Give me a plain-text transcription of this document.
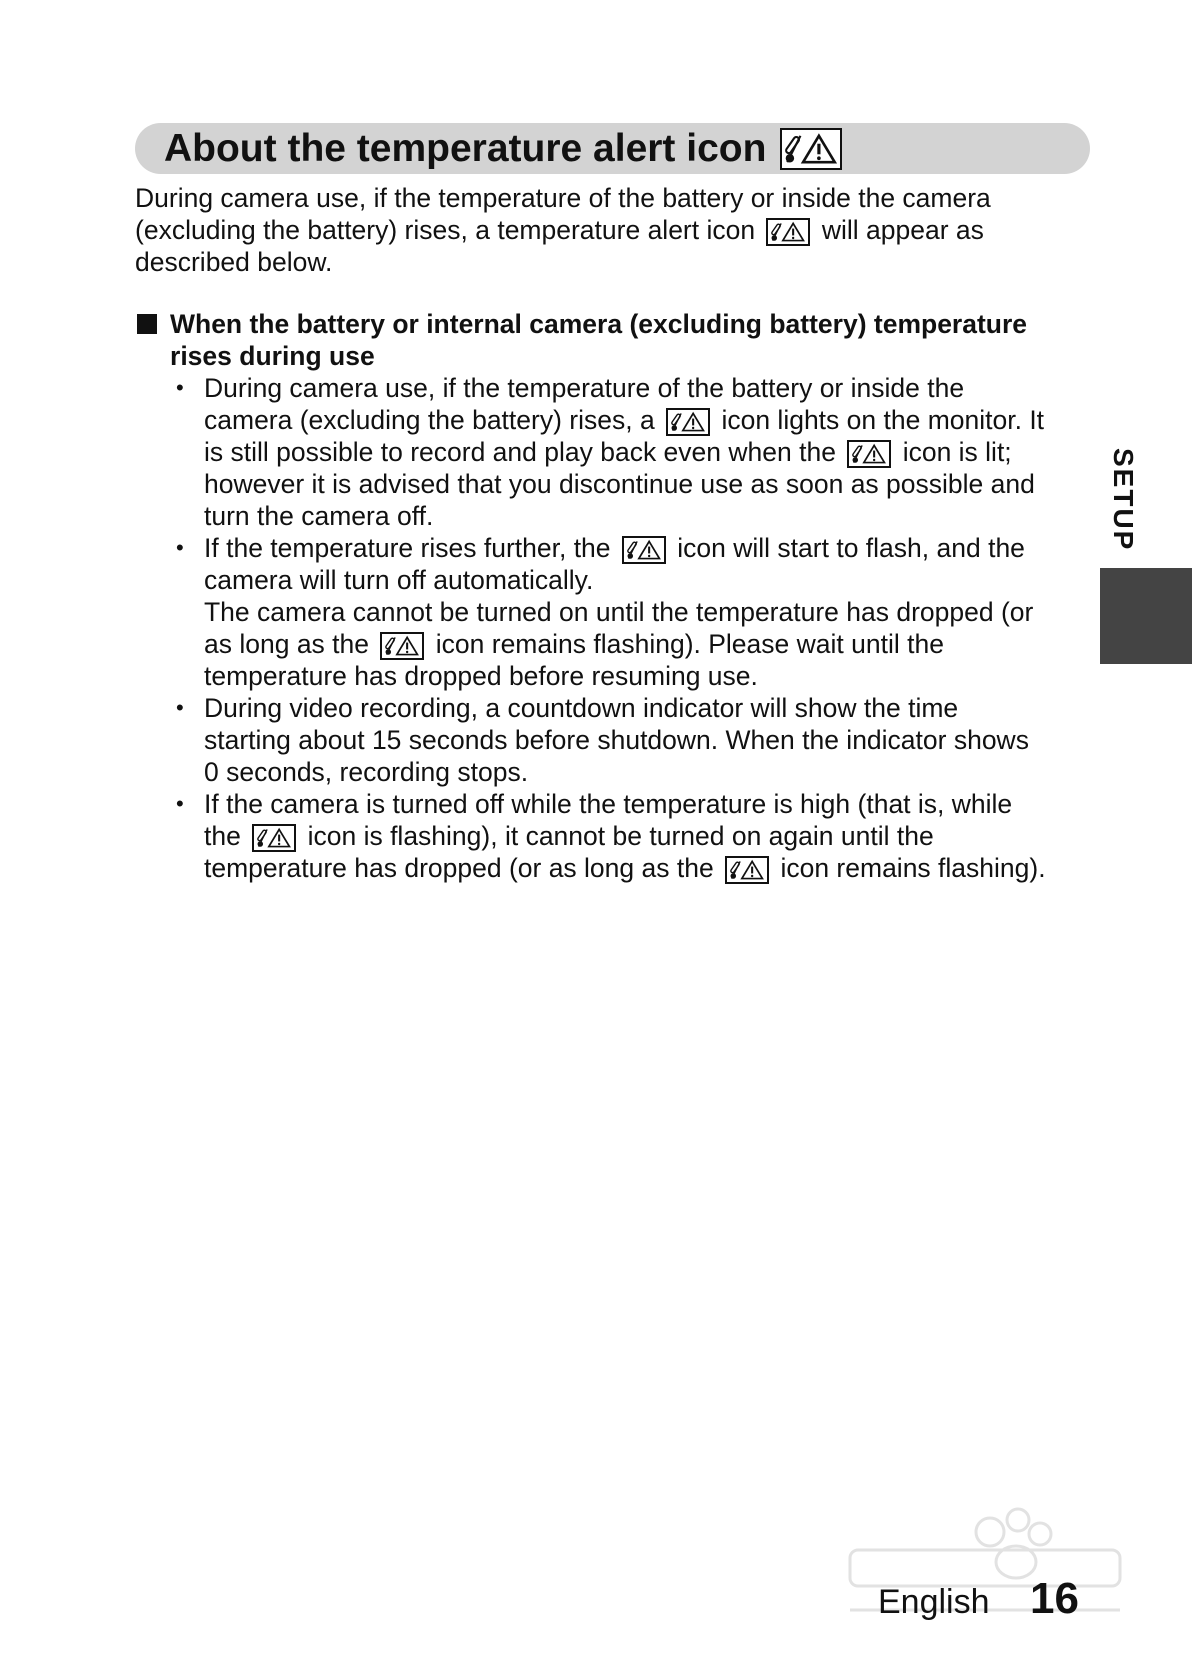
About the temperature alert icon

During camera use, if the temperature of the battery or inside the camera

(excluding the battery) rises, a temperature alert icon	will appear as

described below.

When the battery or internal camera (excluding battery) temperature
rises during use
• During camera use, if the temperature of the battery or inside the
camera (excluding the battery) rises, a	icon lights on the monitor. It
is still possible to record and play back even when the	icon is lit;
however it is advised that you discontinue use as soon as possible and
turn the camera off.
• If the temperature rises further, the	icon will start to flash, and the
camera will turn off automatically.
The camera cannot be turned on until the temperature has dropped (or
as long as the	icon remains flashing). Please wait until the
temperature has dropped before resuming use.
• During video recording, a countdown indicator will show the time
starting about 15 seconds before shutdown. When the indicator shows
0 seconds, recording stops.
• If the camera is turned off while the temperature is high (that is, while
the	icon is flashing), it cannot be turned on again until the
temperature has dropped (or as long as the	icon remains flashing).
SETUP
English 16
